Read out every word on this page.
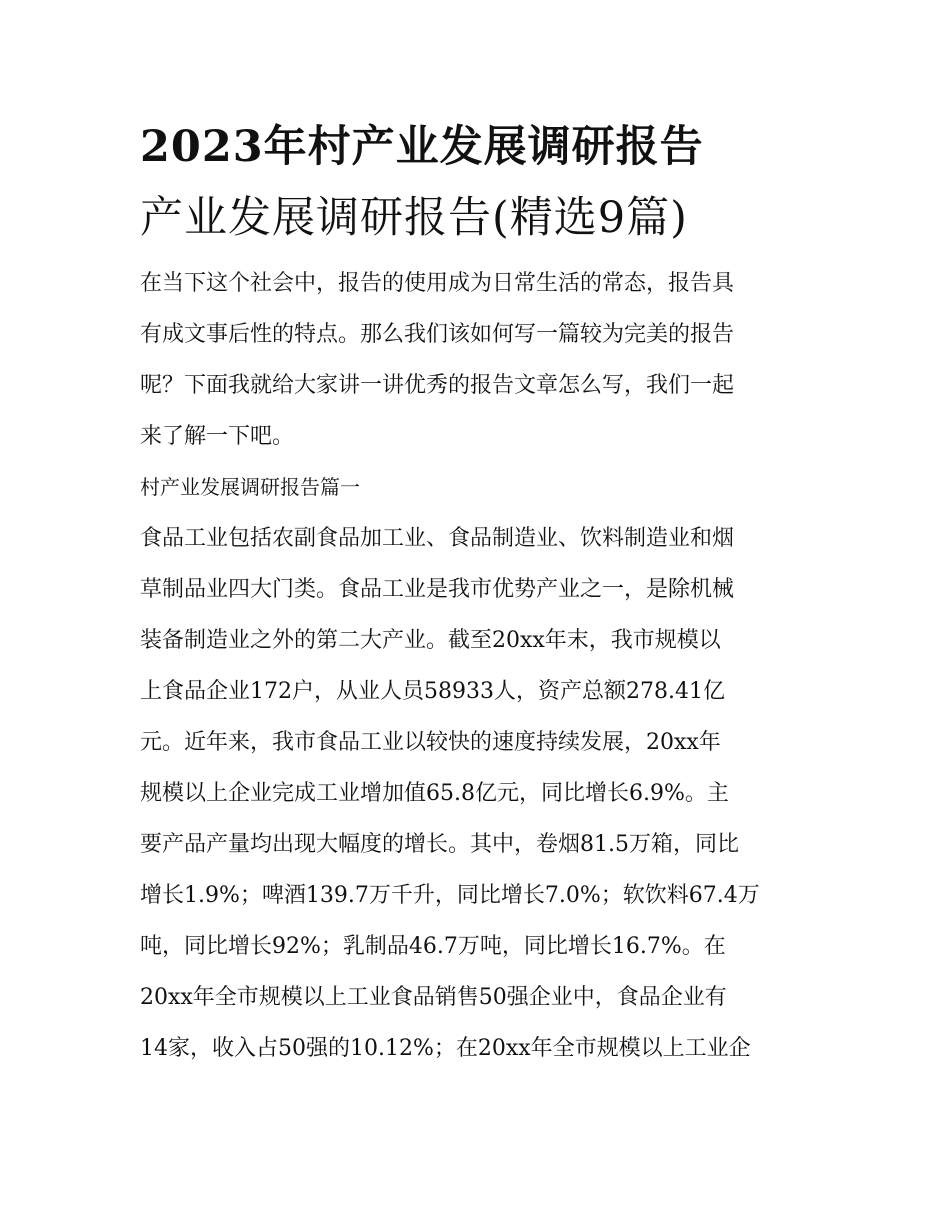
2023年村产业发展调研报告
产业发展调研报告(精选9篇)
在当下这个社会中，报告的使用成为日常生活的常态，报告具
有成文事后性的特点。那么我们该如何写一篇较为完美的报告
呢？下面我就给大家讲一讲优秀的报告文章怎么写，我们一起
来了解一下吧。
村产业发展调研报告篇一
食品工业包括农副食品加工业、食品制造业、饮料制造业和烟
草制品业四大门类。食品工业是我市优势产业之一，是除机械
装备制造业之外的第二大产业。截至20xx年末，我市规模以
上食品企业172户，从业人员58933人，资产总额278.41亿
元。近年来，我市食品工业以较快的速度持续发展，20xx年
规模以上企业完成工业增加值65.8亿元，同比增长6.9%。主
要产品产量均出现大幅度的增长。其中，卷烟81.5万箱，同比
增长1.9%；啤酒139.7万千升，同比增长7.0%；软饮料67.4万
吨，同比增长92%；乳制品46.7万吨，同比增长16.7%。在
20xx年全市规模以上工业食品销售50强企业中，食品企业有
14家，收入占50强的10.12%；在20xx年全市规模以上工业企
